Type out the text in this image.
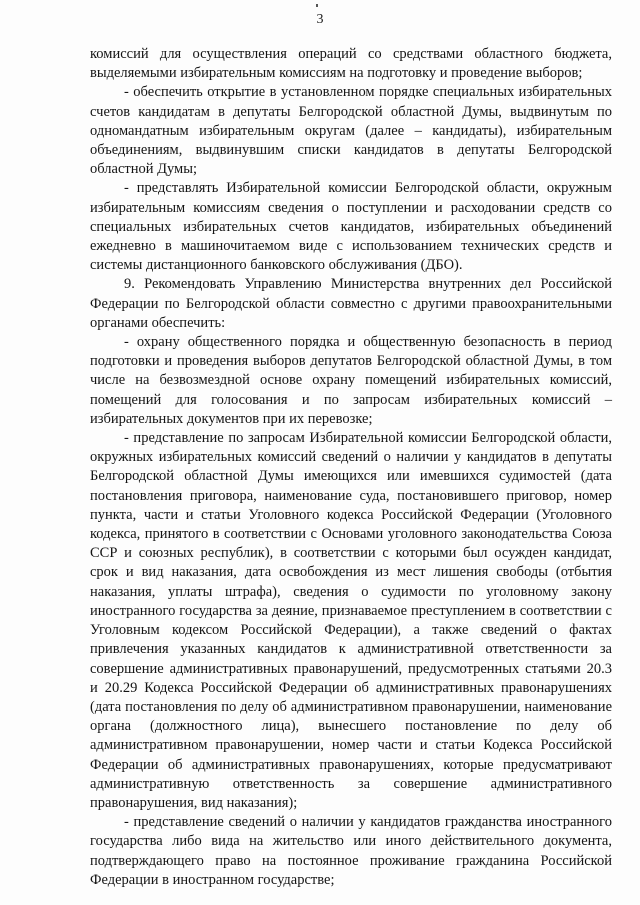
3

комиссий для осуществления операций со средствами областного бюджета, выделяемыми избирательным комиссиям на подготовку и проведение выборов;

- обеспечить открытие в установленном порядке специальных избирательных счетов кандидатам в депутаты Белгородской областной Думы, выдвинутым по одномандатным избирательным округам (далее – кандидаты), избирательным объединениям, выдвинувшим списки кандидатов в депутаты Белгородской областной Думы;

- представлять Избирательной комиссии Белгородской области, окружным избирательным комиссиям сведения о поступлении и расходовании средств со специальных избирательных счетов кандидатов, избирательных объединений ежедневно в машиночитаемом виде с использованием технических средств и системы дистанционного банковского обслуживания (ДБО).

9. Рекомендовать Управлению Министерства внутренних дел Российской Федерации по Белгородской области совместно с другими правоохранительными органами обеспечить:

- охрану общественного порядка и общественную безопасность в период подготовки и проведения выборов депутатов Белгородской областной Думы, в том числе на безвозмездной основе охрану помещений избирательных комиссий, помещений для голосования и по запросам избирательных комиссий – избирательных документов при их перевозке;

- представление по запросам Избирательной комиссии Белгородской области, окружных избирательных комиссий сведений о наличии у кандидатов в депутаты Белгородской областной Думы имеющихся или имевшихся судимостей (дата постановления приговора, наименование суда, постановившего приговор, номер пункта, части и статьи Уголовного кодекса Российской Федерации (Уголовного кодекса, принятого в соответствии с Основами уголовного законодательства Союза ССР и союзных республик), в соответствии с которыми был осужден кандидат, срок и вид наказания, дата освобождения из мест лишения свободы (отбытия наказания, уплаты штрафа), сведения о судимости по уголовному закону иностранного государства за деяние, признаваемое преступлением в соответствии с Уголовным кодексом Российской Федерации), а также сведений о фактах привлечения указанных кандидатов к административной ответственности за совершение административных правонарушений, предусмотренных статьями 20.3 и 20.29 Кодекса Российской Федерации об административных правонарушениях (дата постановления по делу об административном правонарушении, наименование органа (должностного лица), вынесшего постановление по делу об административном правонарушении, номер части и статьи Кодекса Российской Федерации об административных правонарушениях, которые предусматривают административную ответственность за совершение административного правонарушения, вид наказания);

- представление сведений о наличии у кандидатов гражданства иностранного государства либо вида на жительство или иного действительного документа, подтверждающего право на постоянное проживание гражданина Российской Федерации в иностранном государстве;
